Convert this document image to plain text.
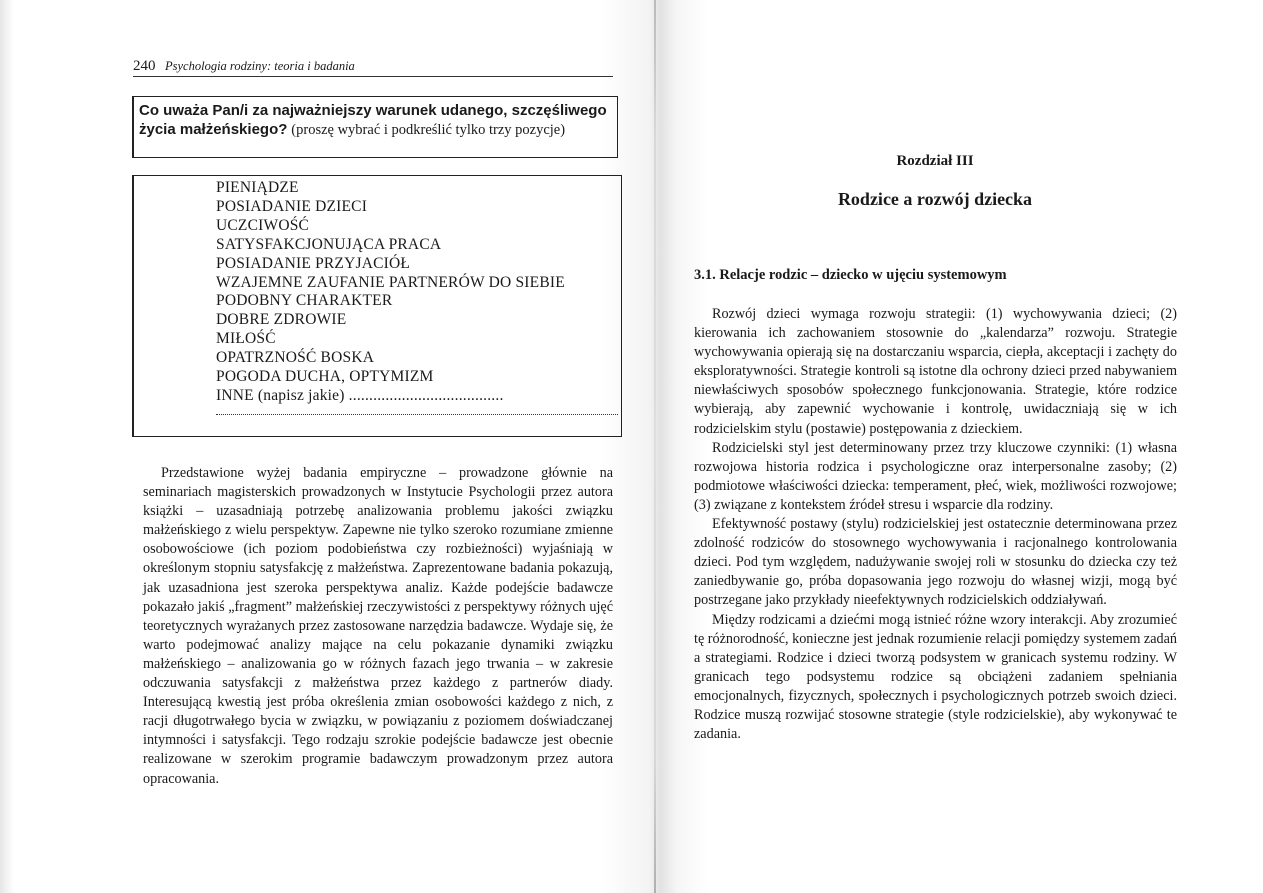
240 Psychologia rodziny: teoria i badania
Co uważa Pan/i za najważniejszy warunek udanego, szczęśliwego życia małżeńskiego? (proszę wybrać i podkreślić tylko trzy pozycje)
PIENIĄDZE
POSIADANIE DZIECI
UCZCIWOŚĆ
SATYSFAKCJONUJĄCA PRACA
POSIADANIE PRZYJACIÓŁ
WZAJEMNE ZAUFANIE PARTNERÓW DO SIEBIE
PODOBNY CHARAKTER
DOBRE ZDROWIE
MIŁOŚĆ
OPATRZNOŚĆ BOSKA
POGODA DUCHA, OPTYMIZM
INNE (napisz jakie) ......................................
Przedstawione wyżej badania empiryczne – prowadzone głównie na seminariach magisterskich prowadzonych w Instytucie Psychologii przez autora książki – uzasadniają potrzebę analizowania problemu jakości związku małżeńskiego z wielu perspektyw. Zapewne nie tylko szeroko rozumiane zmienne osobowościowe (ich poziom podobieństwa czy rozbieżności) wyjaśniają w określonym stopniu satysfakcję z małżeństwa. Zaprezentowane badania pokazują, jak uzasadniona jest szeroka perspektywa analiz. Każde podejście badawcze pokazało jakiś „fragment” małżeńskiej rzeczywistości z perspektywy różnych ujęć teoretycznych wyrażanych przez zastosowane narzędzia badawcze. Wydaje się, że warto podejmować analizy mające na celu pokazanie dynamiki związku małżeńskiego – analizowania go w różnych fazach jego trwania – w zakresie odczuwania satysfakcji z małżeństwa przez każdego z partnerów diady. Interesującą kwestią jest próba określenia zmian osobowości każdego z nich, z racji długotrwałego bycia w związku, w powiązaniu z poziomem doświadczanej intymności i satysfakcji. Tego rodzaju szrokie podejście badawcze jest obecnie realizowane w szerokim programie badawczym prowadzonym przez autora opracowania.
Rozdział III
Rodzice a rozwój dziecka
3.1. Relacje rodzic – dziecko w ujęciu systemowym

Rozwój dzieci wymaga rozwoju strategii: (1) wychowywania dzieci; (2) kierowania ich zachowaniem stosownie do „kalendarza” rozwoju. Strategie wychowywania opierają się na dostarczaniu wsparcia, ciepła, akceptacji i zachęty do eksploratywności. Strategie kontroli są istotne dla ochrony dzieci przed nabywaniem niewłaściwych sposobów społecznego funkcjonowania. Strategie, które rodzice wybierają, aby zapewnić wychowanie i kontrolę, uwidaczniają się w ich rodzicielskim stylu (postawie) postępowania z dzieckiem.

Rodzicielski styl jest determinowany przez trzy kluczowe czynniki: (1) własna rozwojowa historia rodzica i psychologiczne oraz interpersonalne zasoby; (2) podmiotowe właściwości dziecka: temperament, płeć, wiek, możliwości rozwojowe; (3) związane z kontekstem źródeł stresu i wsparcie dla rodziny.

Efektywność postawy (stylu) rodzicielskiej jest ostatecznie determinowana przez zdolność rodziców do stosownego wychowywania i racjonalnego kontrolowania dzieci. Pod tym względem, nadużywanie swojej roli w stosunku do dziecka czy też zaniedbywanie go, próba dopasowania jego rozwoju do własnej wizji, mogą być postrzegane jako przykłady nieefektywnych rodzicielskich oddziaływań.

Między rodzicami a dziećmi mogą istnieć różne wzory interakcji. Aby zrozumieć tę różnorodność, konieczne jest jednak rozumienie relacji pomiędzy systemem zadań a strategiami. Rodzice i dzieci tworzą podsystem w granicach systemu rodziny. W granicach tego podsystemu rodzice są obciążeni zadaniem spełniania emocjonalnych, fizycznych, społecznych i psychologicznych potrzeb swoich dzieci. Rodzice muszą rozwijać stosowne strategie (style rodzicielskie), aby wykonywać te zadania.
